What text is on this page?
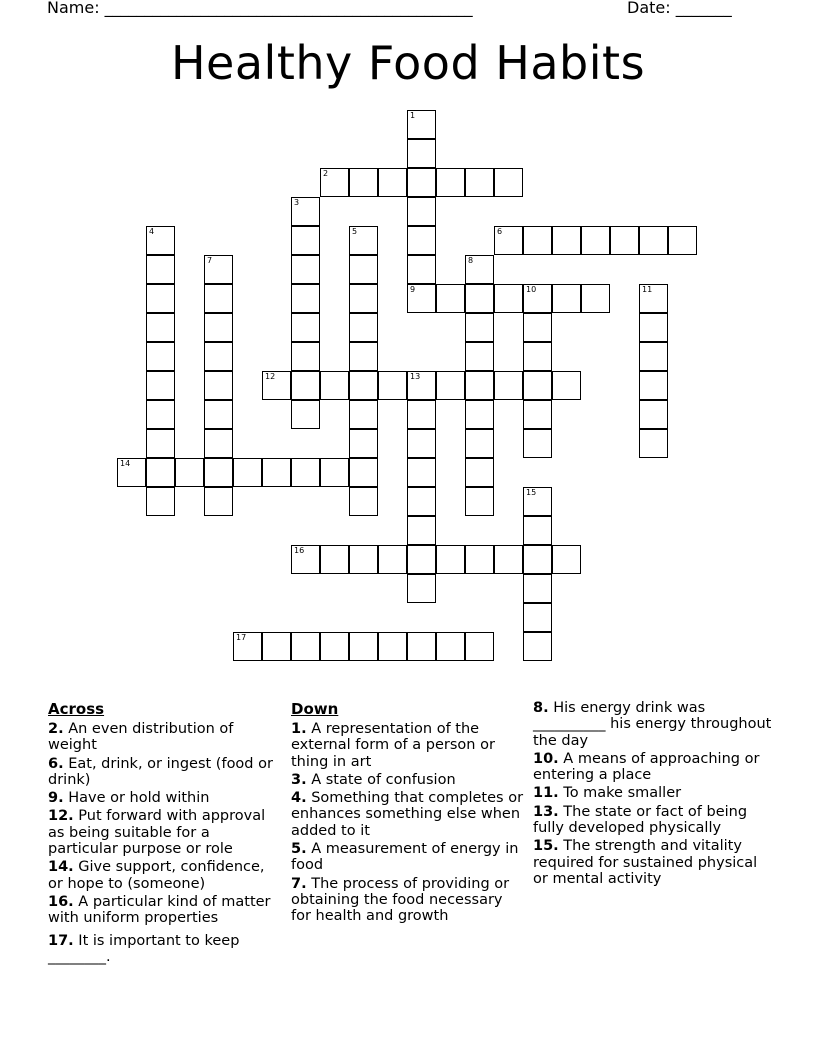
Name: ______________________________________________	Date: _______
Healthy Food Habits
1
2
3
4	5	6
7	8
9	10	11
12	13
14
15
16
17
Across
2. An even distribution of weight
6. Eat, drink, or ingest (food or drink)
9. Have or hold within
12. Put forward with approval as being suitable for a particular purpose or role
14. Give support, confidence, or hope to (someone)
16. A particular kind of matter with uniform properties
17. It is important to keep ________.
Down
1. A representation of the external form of a person or thing in art
3. A state of confusion
4. Something that completes or enhances something else when added to it
5. A measurement of energy in food
7. The process of providing or obtaining the food necessary for health and growth
8. His energy drink was __________ his energy throughout the day
10. A means of approaching or entering a place
11. To make smaller
13. The state or fact of being fully developed physically
15. The strength and vitality required for sustained physical or mental activity
